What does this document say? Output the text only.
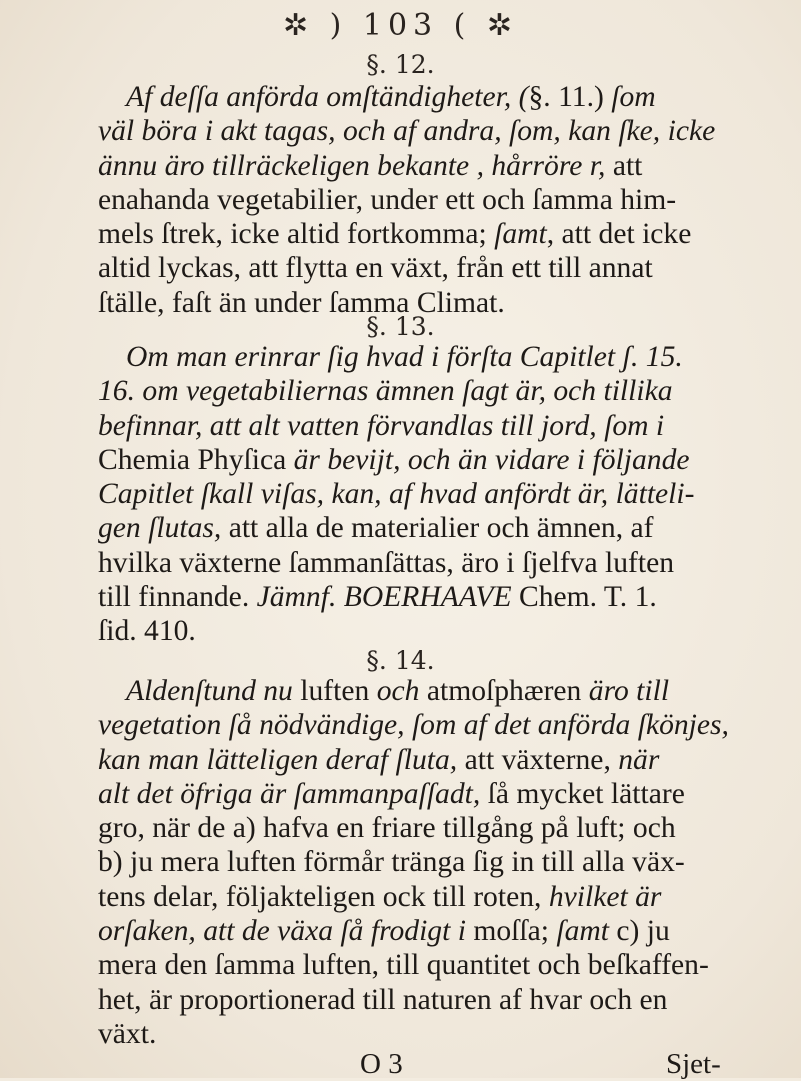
✲ ) 103 ( ✲
§. 12.
Af deſſa anförda omſtändigheter, (§. 11.) ſom
väl böra i akt tagas, och af andra, ſom, kan ſke, icke
ännu äro tillräckeligen bekante , hårröre r, att
enahanda vegetabilier, under ett och ſamma him-
mels ſtrek, icke altid fortkomma; ſamt, att det icke
altid lyckas, att flytta en växt, från ett till annat
ſtälle, faſt än under ſamma Climat.
§. 13.
Om man erinrar ſig hvad i förſta Capitlet ʃ. 15.
16. om vegetabiliernas ämnen ſagt är, och tillika
befinnar, att alt vatten förvandlas till jord, ſom i
Chemia Phyſica är bevijt, och än vidare i följande
Capitlet ſkall viſas, kan, af hvad anfördt är, lätteli-
gen ſlutas, att alla de materialier och ämnen, af
hvilka växterne ſammanſättas, äro i ſjelfva luften
till finnande. Jämnf. BOERHAAVE Chem. T. 1.
ſid. 410.
§. 14.
Aldenſtund nu luften och atmoſphæren äro till
vegetation ſå nödvändige, ſom af det anförda ſkönjes,
kan man lätteligen deraf ſluta, att växterne, när
alt det öfriga är ſammanpaſſadt, ſå mycket lättare
gro, när de a) hafva en friare tillgång på luft; och
b) ju mera luften förmår tränga ſig in till alla väx-
tens delar, följakteligen ock till roten, hvilket är
orſaken, att de växa ſå frodigt i moſſa; ſamt c) ju
mera den ſamma luften, till quantitet och beſkaffen-
het, är proportionerad till naturen af hvar och en
växt.
O 3	Sjet-
